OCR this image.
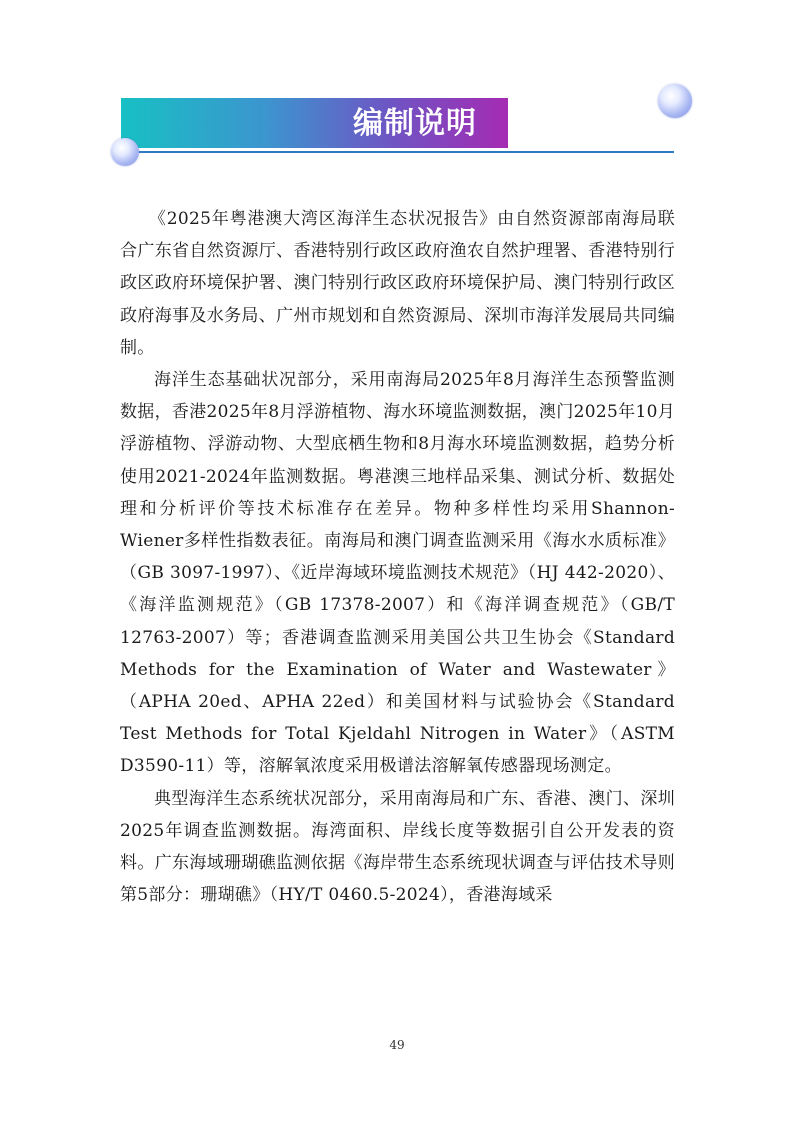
编制说明

《2025年粤港澳大湾区海洋生态状况报告》由自然资源部南海局联合广东省自然资源厅、香港特别行政区政府渔农自然护理署、香港特别行政区政府环境保护署、澳门特别行政区政府环境保护局、澳门特别行政区政府海事及水务局、广州市规划和自然资源局、深圳市海洋发展局共同编制。

海洋生态基础状况部分，采用南海局2025年8月海洋生态预警监测数据，香港2025年8月浮游植物、海水环境监测数据，澳门2025年10月浮游植物、浮游动物、大型底栖生物和8月海水环境监测数据，趋势分析使用2021-2024年监测数据。粤港澳三地样品采集、测试分析、数据处理和分析评价等技术标准存在差异。物种多样性均采用Shannon-Wiener多样性指数表征。南海局和澳门调查监测采用《海水水质标准》（GB 3097-1997）、《近岸海域环境监测技术规范》（HJ 442-2020）、《海洋监测规范》（GB 17378-2007）和《海洋调查规范》（GB/T 12763-2007）等；香港调查监测采用美国公共卫生协会《Standard Methods for the Examination of Water and Wastewater》（APHA 20ed、APHA 22ed）和美国材料与试验协会《Standard Test Methods for Total Kjeldahl Nitrogen in Water》（ASTM D3590-11）等，溶解氧浓度采用极谱法溶解氧传感器现场测定。

典型海洋生态系统状况部分，采用南海局和广东、香港、澳门、深圳2025年调查监测数据。海湾面积、岸线长度等数据引自公开发表的资料。广东海域珊瑚礁监测依据《海岸带生态系统现状调查与评估技术导则 第5部分：珊瑚礁》（HY/T 0460.5-2024），香港海域采

49
